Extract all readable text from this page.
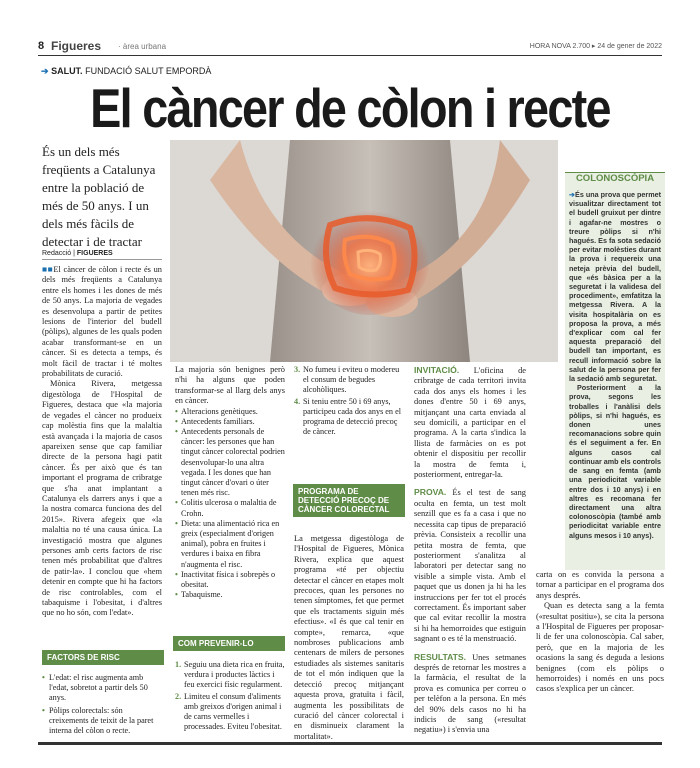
8 Figueres · àrea urbana	HORA NOVA 2.700 ▸ 24 de gener de 2022
➔ SALUT. FUNDACIÓ SALUT EMPORDÀ
El càncer de còlon i recte
És un dels més freqüents a Catalunya entre la població de més de 50 anys. I un dels més fàcils de detectar i de tractar
Redacció | FIGUERES

■■El càncer de còlon i recte és un dels més freqüents a Catalunya entre els homes i les dones de més de 50 anys. La majoria de vegades es desenvolupa a partir de petites lesions de l'interior del budell (pòlips), algunes de les quals poden acabar transformant-se en un càncer. Si es detecta a temps, és molt fàcil de tractar i té moltes probabilitats de curació.

Mònica Rivera, metgessa digestòloga de l'Hospital de Figueres, destaca que «la majoria de vegades el càncer no produeix cap molèstia fins que la malaltia està avançada i la majoria de casos apareixen sense que cap familiar directe de la persona hagi patit càncer. És per això que és tan important el programa de cribratge que s'ha anat implantant a Catalunya els darrers anys i que a la nostra comarca funciona des del 2015». Rivera afegeix que «la malaltia no té una causa única. La investigació mostra que algunes persones amb certs factors de risc tenen més probabilitat que d'altres de patir-la». I conclou que «hem detenir en compte que hi ha factors de risc controlables, com el tabaquisme i l'obesitat, i d'altres que no ho són, com l'edat».

FACTORS DE RISC
• L'edat: el risc augmenta amb l'edat, sobretot a partir dels 50 anys.
• Pòlips colorectals: són creixements de teixit de la paret interna del còlon o recte.

La majoria són benignes però n'hi ha alguns que poden transformar-se al llarg dels anys en càncer.

• Alteracions genètiques.
• Antecedents familiars.
• Antecedents personals de càncer: les persones que han tingut càncer colorectal podrien desenvolupar-lo una altra vegada. I les dones que han tingut càncer d'ovari o úter tenen més risc.
• Colitis ulcerosa o malaltia de Crohn.
• Dieta: una alimentació rica en greix (especialment d'origen animal), pobra en fruites i verdures i baixa en fibra n'augmenta el risc.
• Inactivitat física i sobrepès o obesitat.
• Tabaquisme.
COM PREVENIR-LO
1. Seguiu una dieta rica en fruita, verdura i productes làctics i feu exercici físic regularment.
2. Limiteu el consum d'aliments amb greixos d'origen animal i de carns vermelles i processades. Eviteu l'obesitat.
3. No fumeu i eviteu o modereu el consum de begudes alcohòliques.
4. Si teniu entre 50 i 69 anys, participeu cada dos anys en el programa de detecció precoç de càncer.
PROGRAMA DE DETECCIÓ PRECOÇ DE CÀNCER COLORECTAL
La metgessa digestòloga de l'Hospital de Figueres, Mònica Rivera, explica que aquest programa «té per objectiu detectar el càncer en etapes molt precoces, quan les persones no tenen símptomes, fet que permet que els tractaments siguin més efectius». «I és que cal tenir en compte», remarca, «que nombroses publicacions amb centenars de milers de persones estudiades als sistemes sanitaris de tot el món indiquen que la detecció precoç mitjançant aquesta prova, gratuïta i fàcil, augmenta les possibilitats de curació del càncer colorectal i en disminueix clarament la mortalitat».

INVITACIÓ. L'oficina de cribratge de cada territori invita cada dos anys els homes i les dones d'entre 50 i 69 anys, mitjançant una carta enviada al seu domicili, a participar en el programa. A la carta s'indica la llista de farmàcies on es pot obtenir el dispositiu per recollir la mostra de femta i, posteriorment, entregar-la.

PROVA. És el test de sang oculta en femta, un test molt senzill que es fa a casa i que no necessita cap tipus de preparació prèvia. Consisteix a recollir una petita mostra de femta, que posteriorment s'analitza al laboratori per detectar sang no visible a simple vista. Amb el paquet que us donen ja hi ha les instruccions per fer tot el procés correctament. És important saber que cal evitar recollir la mostra si hi ha hemorroides que estiguin sagnant o es té la menstruació.

RESULTATS. Unes setmanes després de retornar les mostres a la farmàcia, el resultat de la prova es comunica per correu o per telèfon a la persona. En més del 90% dels casos no hi ha indicis de sang («resultat negatiu») i s'envia una

COLONOSCÒPIA

➔És una prova que permet visualitzar directament tot el budell gruixut per dintre i agafar-ne mostres o treure pòlips si n'hi hagués. Es fa sota sedació per evitar molèsties durant la prova i requereix una neteja prèvia del budell, que «és bàsica per a la seguretat i la validesa del procediment», emfatitza la metgessa Rivera. A la visita hospitalària on es proposa la prova, a més d'explicar com cal fer aquesta preparació del budell tan important, es recull informació sobre la salut de la persona per fer la sedació amb seguretat.

Posteriorment a la prova, segons les troballes i l'anàlisi dels pòlips, si n'hi hagués, es donen unes recomanacions sobre quin és el seguiment a fer. En alguns casos cal continuar amb els controls de sang en femta (amb una periodicitat variable entre dos i 10 anys) i en altres es recomana fer directament una altra colonoscòpia (també amb periodicitat variable entre alguns mesos i 10 anys).

carta on es convida la persona a tornar a participar en el programa dos anys després.

Quan es detecta sang a la femta («resultat positiu»), se cita la persona a l'Hospital de Figueres per proposar-li de fer una colonoscòpia. Cal saber, però, que en la majoria de les ocasions la sang és deguda a lesions benignes (com els pòlips o hemorroides) i només en uns pocs casos s'explica per un càncer.
